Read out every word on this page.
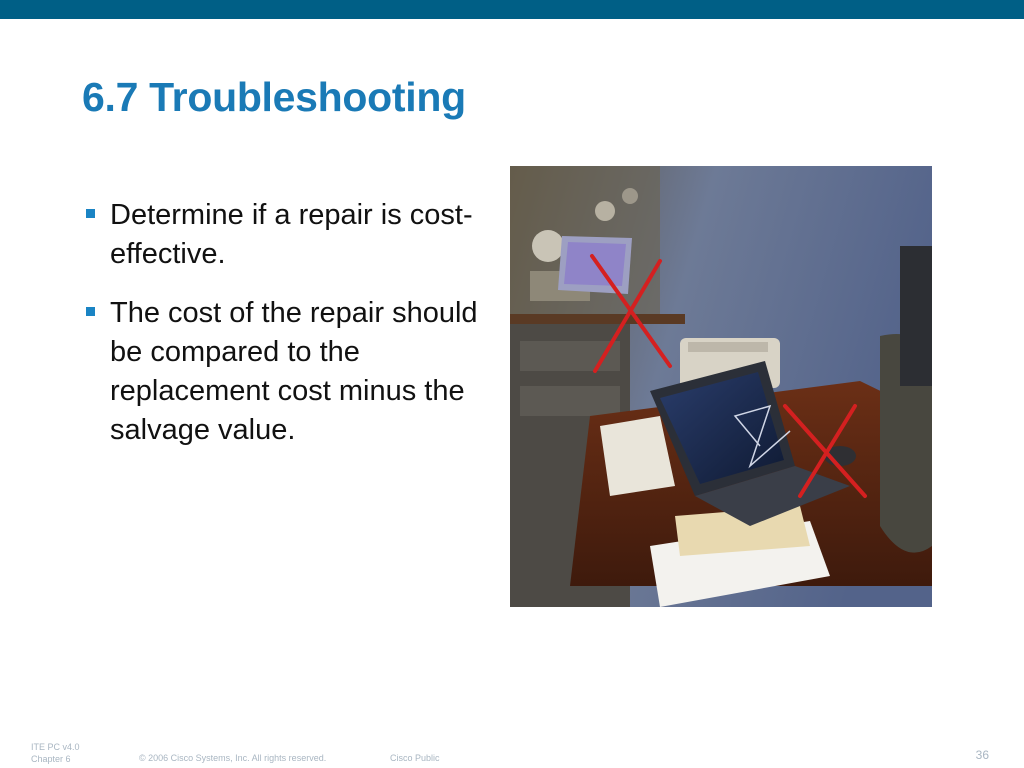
6.7 Troubleshooting
Determine if a repair is cost-effective.
The cost of the repair should be compared to the replacement cost minus the salvage value.
ITE PC v4.0
Chapter 6	© 2006 Cisco Systems, Inc. All rights reserved.	Cisco Public	36
